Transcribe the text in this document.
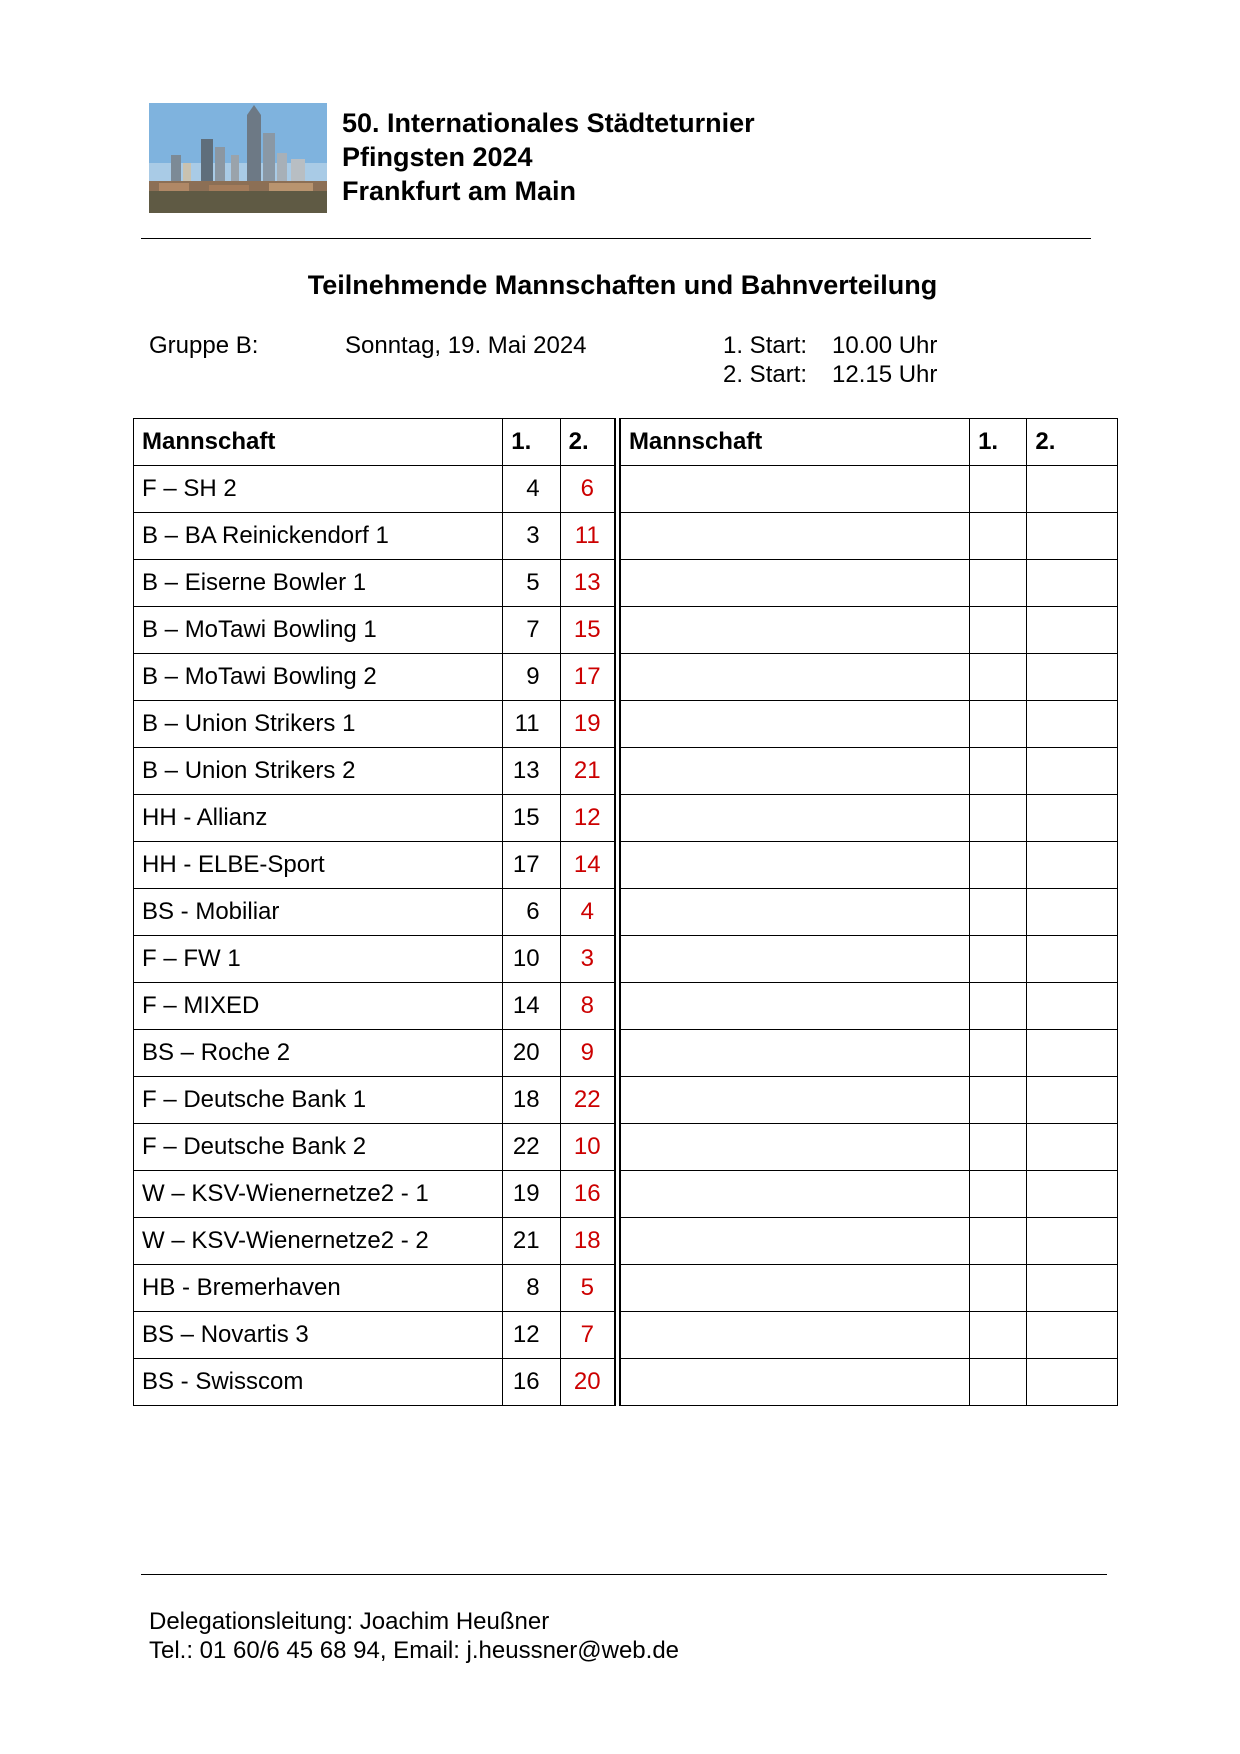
50. Internationales Städteturnier
Pfingsten 2024
Frankfurt am Main
Teilnehmende Mannschaften und Bahnverteilung
Gruppe B:	Sonntag, 19. Mai 2024	1. Start: 10.00 Uhr
2. Start: 12.15 Uhr
Mannschaft	1.	2.	Mannschaft	1.	2.
F – SH 2	4	6			
B – BA Reinickendorf 1	3	11			
B – Eiserne Bowler 1	5	13			
B – MoTawi Bowling 1	7	15			
B – MoTawi Bowling 2	9	17			
B – Union Strikers 1	11	19			
B – Union Strikers 2	13	21			
HH - Allianz	15	12			
HH - ELBE-Sport	17	14			
BS - Mobiliar	6	4			
F – FW 1	10	3			
F – MIXED	14	8			
BS – Roche 2	20	9			
F – Deutsche Bank 1	18	22			
F – Deutsche Bank 2	22	10			
W – KSV-Wienernetze2 - 1	19	16			
W – KSV-Wienernetze2 - 2	21	18			
HB - Bremerhaven	8	5			
BS – Novartis 3	12	7			
BS - Swisscom	16	20			
Delegationsleitung: Joachim Heußner
Tel.: 01 60/6 45 68 94, Email: j.heussner@web.de
